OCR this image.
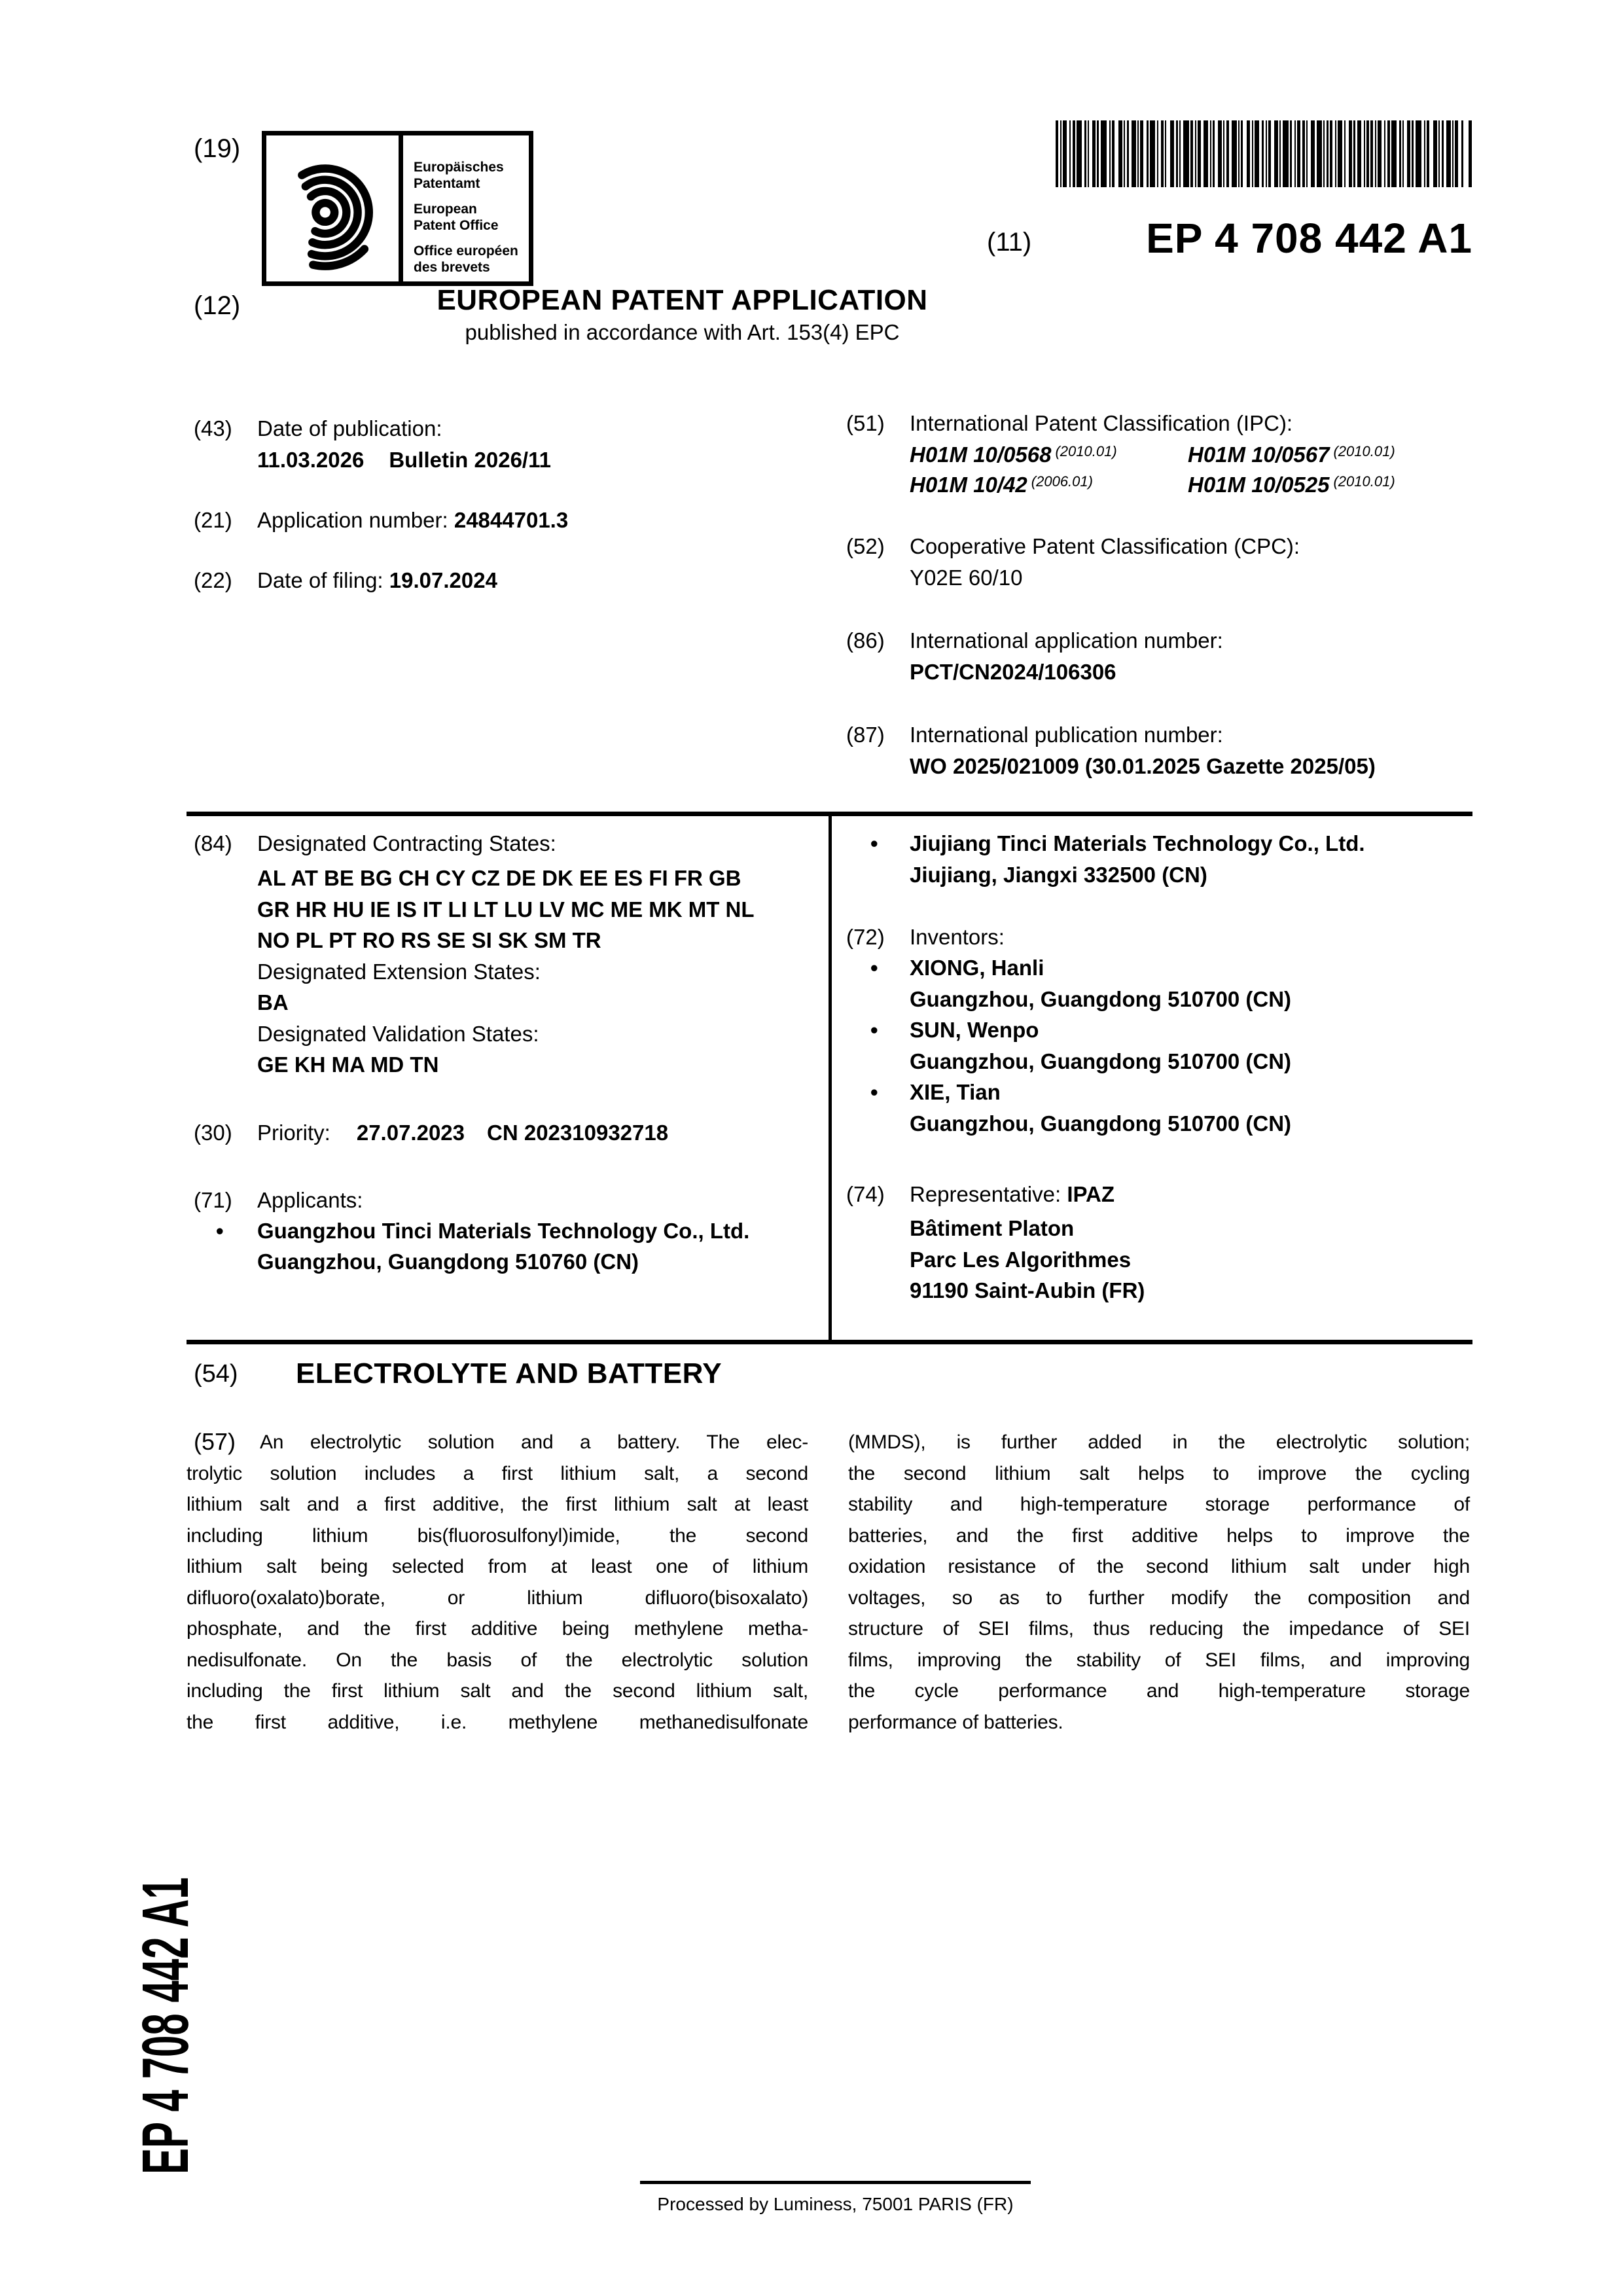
(19)
Europäisches
Patentamt
European
Patent Office
Office européen
des brevets
(11)	EP 4 708 442 A1
(12)	EUROPEAN PATENT APPLICATION
published in accordance with Art. 153(4) EPC
(43) Date of publication:
11.03.2026 Bulletin 2026/11
(21) Application number: 24844701.3
(22) Date of filing: 19.07.2024
(51) International Patent Classification (IPC):
H01M 10/0568 $^{(2010.01)}$	H01M 10/0567 $^{(2010.01)}$
H01M 10/42 $^{(2006.01)}$	H01M 10/0525 $^{(2010.01)}$
(52) Cooperative Patent Classification (CPC):
Y02E 60/10
(86) International application number:
PCT/CN2024/106306
(87) International publication number:
WO 2025/021009 (30.01.2025 Gazette 2025/05)
(84) Designated Contracting States:
AL AT BE BG CH CY CZ DE DK EE ES FI FR GB
GR HR HU IE IS IT LI LT LU LV MC ME MK MT NL
NO PL PT RO RS SE SI SK SM TR
Designated Extension States:
BA
Designated Validation States:
GE KH MA MD TN
(30) Priority: 27.07.2023 CN 202310932718
(71) Applicants:
•
Guangzhou Tinci Materials Technology Co., Ltd.
Guangzhou, Guangdong 510760 (CN)
•
Jiujiang Tinci Materials Technology Co., Ltd.
Jiujiang, Jiangxi 332500 (CN)
(72) Inventors:
•
XIONG, Hanli
Guangzhou, Guangdong 510700 (CN)
•
SUN, Wenpo
Guangzhou, Guangdong 510700 (CN)
•
XIE, Tian
Guangzhou, Guangdong 510700 (CN)
(74) Representative: IPAZ
Bâtiment Platon
Parc Les Algorithmes
91190 Saint-Aubin (FR)
(54) ELECTROLYTE AND BATTERY
(57)	An electrolytic solution and a battery. The elec-
trolytic solution includes a first lithium salt, a second
lithium salt and a first additive, the first lithium salt at least
including lithium bis(fluorosulfonyl)imide, the second
lithium salt being selected from at least one of lithium
difluoro(oxalato)borate, or lithium difluoro(bisoxalato)
phosphate, and the first additive being methylene metha-
nedisulfonate. On the basis of the electrolytic solution
including the first lithium salt and the second lithium salt,
the first additive, i.e. methylene methanedisulfonate
(MMDS), is further added in the electrolytic solution;
the second lithium salt helps to improve the cycling
stability and high-temperature storage performance of
batteries, and the first additive helps to improve the
oxidation resistance of the second lithium salt under high
voltages, so as to further modify the composition and
structure of SEI films, thus reducing the impedance of SEI
films, improving the stability of SEI films, and improving
the cycle performance and high-temperature storage
performance of batteries.
EP 4 708 442 A1
Processed by Luminess, 75001 PARIS (FR)
